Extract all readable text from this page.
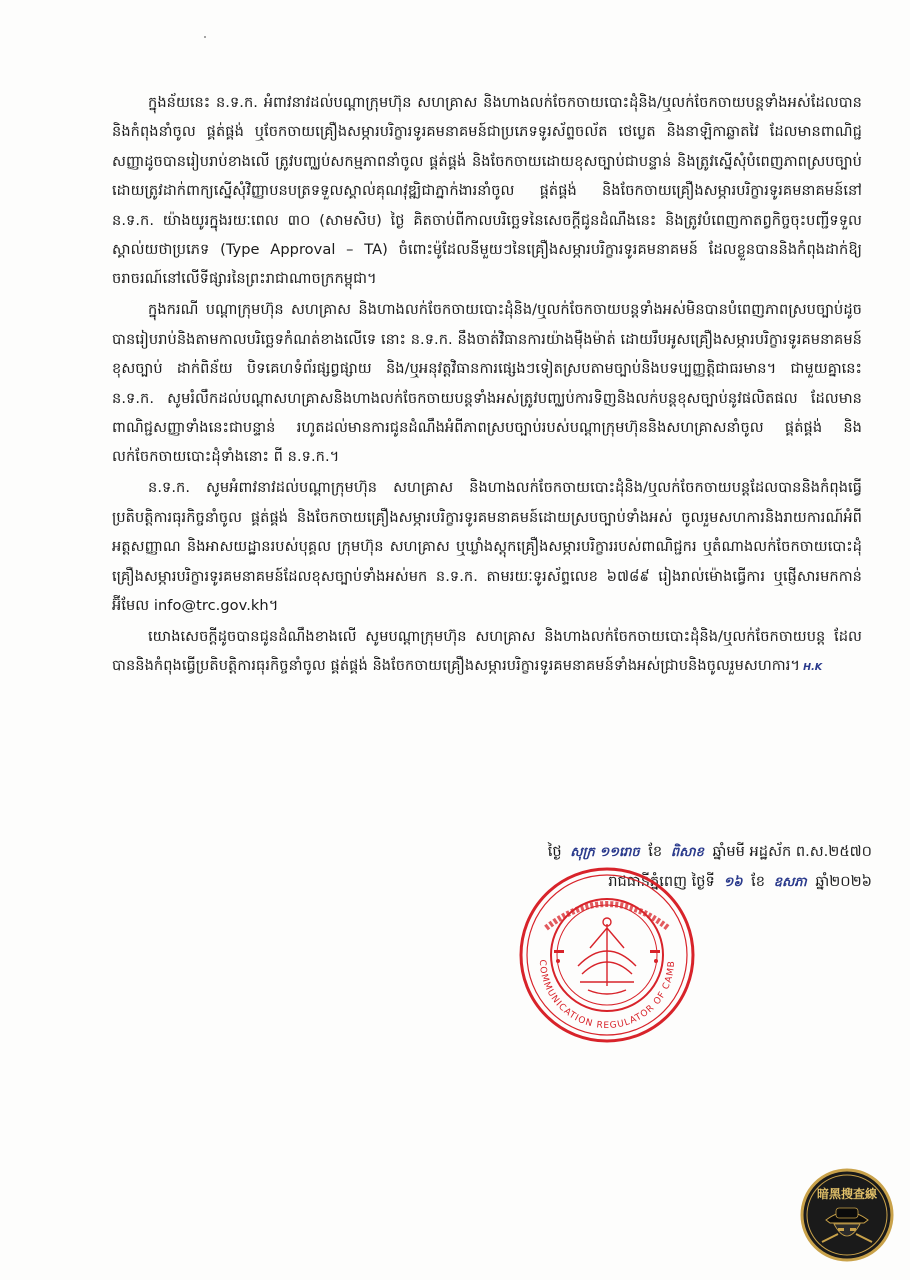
ក្នុងន័យនេះ ន.ទ.ក. អំពាវនាវដល់បណ្ដាក្រុមហ៊ុន សហគ្រាស និងហាងលក់ចែកចាយបោះដុំនិង/ឬលក់ចែកចាយបន្តទាំងអស់ដែលបាននិងកំពុងនាំចូល ផ្គត់ផ្គង់ ឬចែកចាយគ្រឿងសម្ភារបរិក្ខារទូរគមនាគមន៍ជាប្រភេទទូរស័ព្ទចល័ត ថេប្លេត និងនាឡិកាឆ្លាតវៃ ដែលមានពាណិជ្ជសញ្ញាដូចបានរៀបរាប់ខាងលើ ត្រូវបញ្ឈប់សកម្មភាពនាំចូល ផ្គត់ផ្គង់ និងចែកចាយដោយខុសច្បាប់ជាបន្ទាន់ និងត្រូវស្នើសុំបំពេញភាពស្របច្បាប់ ដោយត្រូវដាក់ពាក្យស្នើសុំវិញ្ញាបនបត្រទទួលស្គាល់គុណវុឌ្ឍិជាភ្នាក់ងារនាំចូល ផ្គត់ផ្គង់ និងចែកចាយគ្រឿងសម្ភារបរិក្ខារទូរគមនាគមន៍នៅ ន.ទ.ក. យ៉ាងយូរក្នុងរយៈពេល ៣០ (សាមសិប) ថ្ងៃ គិតចាប់ពីកាលបរិច្ឆេទនៃសេចក្ដីជូនដំណឹងនេះ និងត្រូវបំពេញកាតព្វកិច្ចចុះបញ្ជីទទួលស្គាល់យថាប្រភេទ (Type Approval – TA) ចំពោះម៉ូដែលនីមួយៗនៃគ្រឿងសម្ភារបរិក្ខារទូរគមនាគមន៍ ដែលខ្លួនបាននិងកំពុងដាក់ឱ្យចរាចរណ៍នៅលើទីផ្សារនៃព្រះរាជាណាចក្រកម្ពុជា។

ក្នុងករណី បណ្ដាក្រុមហ៊ុន សហគ្រាស និងហាងលក់ចែកចាយបោះដុំនិង/ឬលក់ចែកចាយបន្តទាំងអស់មិនបានបំពេញភាពស្របច្បាប់ដូចបានរៀបរាប់និងតាមកាលបរិច្ឆេទកំណត់ខាងលើទេ នោះ ន.ទ.ក. នឹងចាត់វិធានការយ៉ាងម៉ឺងម៉ាត់ ដោយរឹបអូសគ្រឿងសម្ភារបរិក្ខារទូរគមនាគមន៍ខុសច្បាប់ ដាក់ពិន័យ បិទគេហទំព័រផ្សព្វផ្សាយ និង/ឬអនុវត្តវិធានការផ្សេងៗទៀតស្របតាមច្បាប់និងបទប្បញ្ញត្តិជាធរមាន។ ជាមួយគ្នានេះ ន.ទ.ក. សូមរំលឹកដល់បណ្ដាសហគ្រាសនិងហាងលក់ចែកចាយបន្តទាំងអស់ត្រូវបញ្ឈប់ការទិញនិងលក់បន្តខុសច្បាប់នូវផលិតផល ដែលមានពាណិជ្ជសញ្ញាទាំងនេះជាបន្ទាន់ រហូតដល់មានការជូនដំណឹងអំពីភាពស្របច្បាប់របស់បណ្ដាក្រុមហ៊ុននិងសហគ្រាសនាំចូល ផ្គត់ផ្គង់ និងលក់ចែកចាយបោះដុំទាំងនោះ ពី ន.ទ.ក.។

ន.ទ.ក. សូមអំពាវនាវដល់បណ្ដាក្រុមហ៊ុន សហគ្រាស និងហាងលក់ចែកចាយបោះដុំនិង/ឬលក់ចែកចាយបន្តដែលបាននិងកំពុងធ្វើប្រតិបត្តិការធុរកិច្ចនាំចូល ផ្គត់ផ្គង់ និងចែកចាយគ្រឿងសម្ភារបរិក្ខារទូរគមនាគមន៍ដោយស្របច្បាប់ទាំងអស់ ចូលរួមសហការនិងរាយការណ៍អំពីអត្តសញ្ញាណ និងអាសយដ្ឋានរបស់បុគ្គល ក្រុមហ៊ុន សហគ្រាស ឬឃ្លាំងស្តុកគ្រឿងសម្ភារបរិក្ខាររបស់ពាណិជ្ជករ ឬតំណាងលក់ចែកចាយបោះដុំគ្រឿងសម្ភារបរិក្ខារទូរគមនាគមន៍ដែលខុសច្បាប់ទាំងអស់មក ន.ទ.ក. តាមរយៈទូរស័ព្ទលេខ ៦៧៨៩ រៀងរាល់ម៉ោងធ្វើការ ឬផ្ញើសារមកកាន់អ៊ីមែល info@trc.gov.kh។

យោងសេចក្ដីដូចបានជូនដំណឹងខាងលើ សូមបណ្ដាក្រុមហ៊ុន សហគ្រាស និងហាងលក់ចែកចាយបោះដុំនិង/ឬលក់ចែកចាយបន្ត ដែលបាននិងកំពុងធ្វើប្រតិបត្តិការធុរកិច្ចនាំចូល ផ្គត់ផ្គង់ និងចែកចាយគ្រឿងសម្ភារបរិក្ខារទូរគមនាគមន៍ទាំងអស់ជ្រាបនិងចូលរួមសហការ។ H.K

ថ្ងៃ សុក្រ ១១រោច ខែ ពិសាខ ឆ្នាំមមី អដ្ឋស័ក ព.ស.២៥៧០

រាជធានីភ្នំពេញ ថ្ងៃទី ១៦ ខែ ឧសភា ឆ្នាំ២០២៦

COMMUNICATION REGULATOR OF CAMB
暗黑搜查線
